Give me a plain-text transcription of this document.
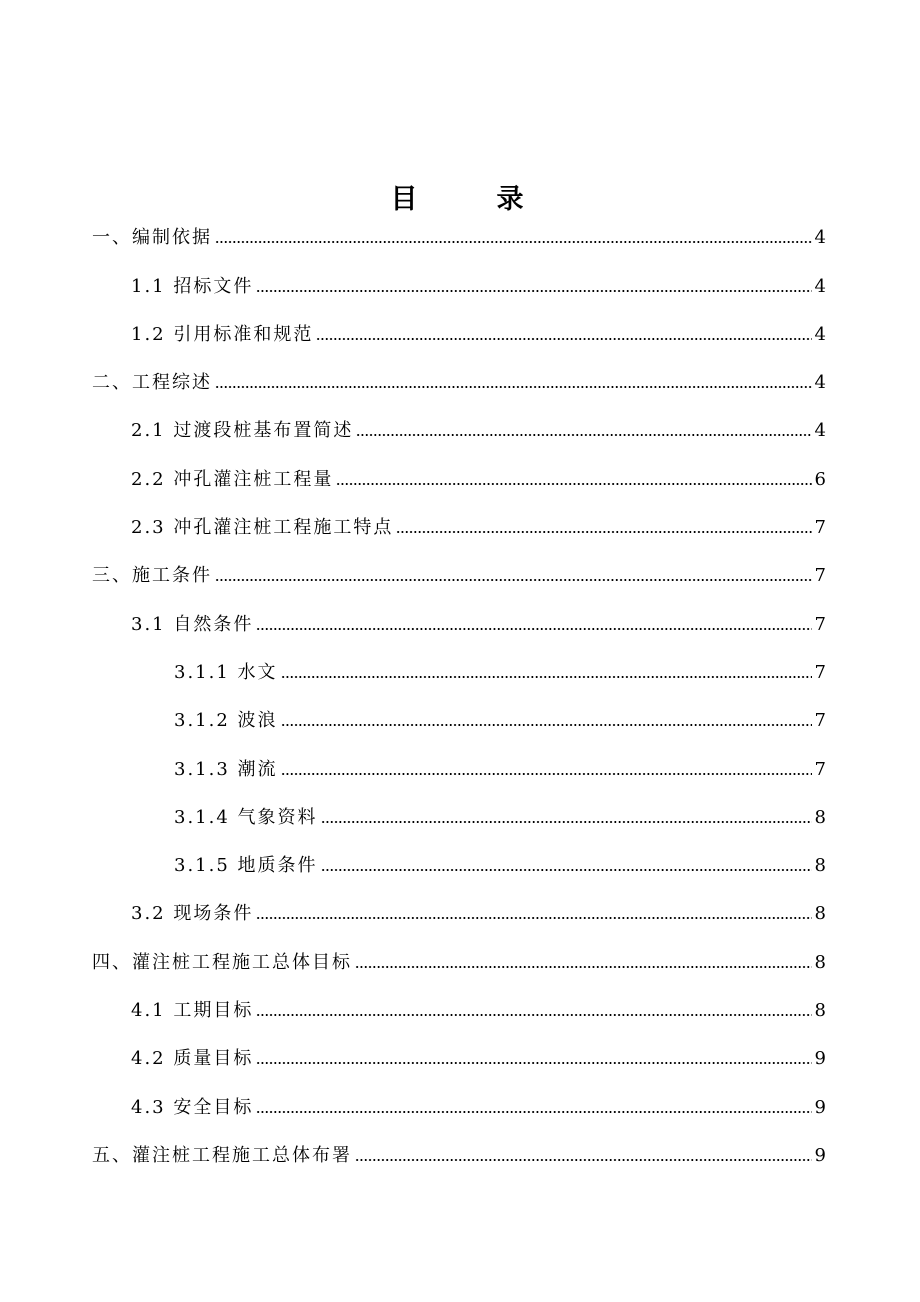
目　录
一、编制依据	4
1.1 招标文件	4
1.2 引用标准和规范	4
二、工程综述	4
2.1 过渡段桩基布置简述	4
2.2 冲孔灌注桩工程量	6
2.3 冲孔灌注桩工程施工特点	7
三、施工条件	7
3.1 自然条件	7
3.1.1 水文	7
3.1.2 波浪	7
3.1.3 潮流	7
3.1.4 气象资料	8
3.1.5 地质条件	8
3.2 现场条件	8
四、灌注桩工程施工总体目标	8
4.1 工期目标	8
4.2 质量目标	9
4.3 安全目标	9
五、灌注桩工程施工总体布署	9
